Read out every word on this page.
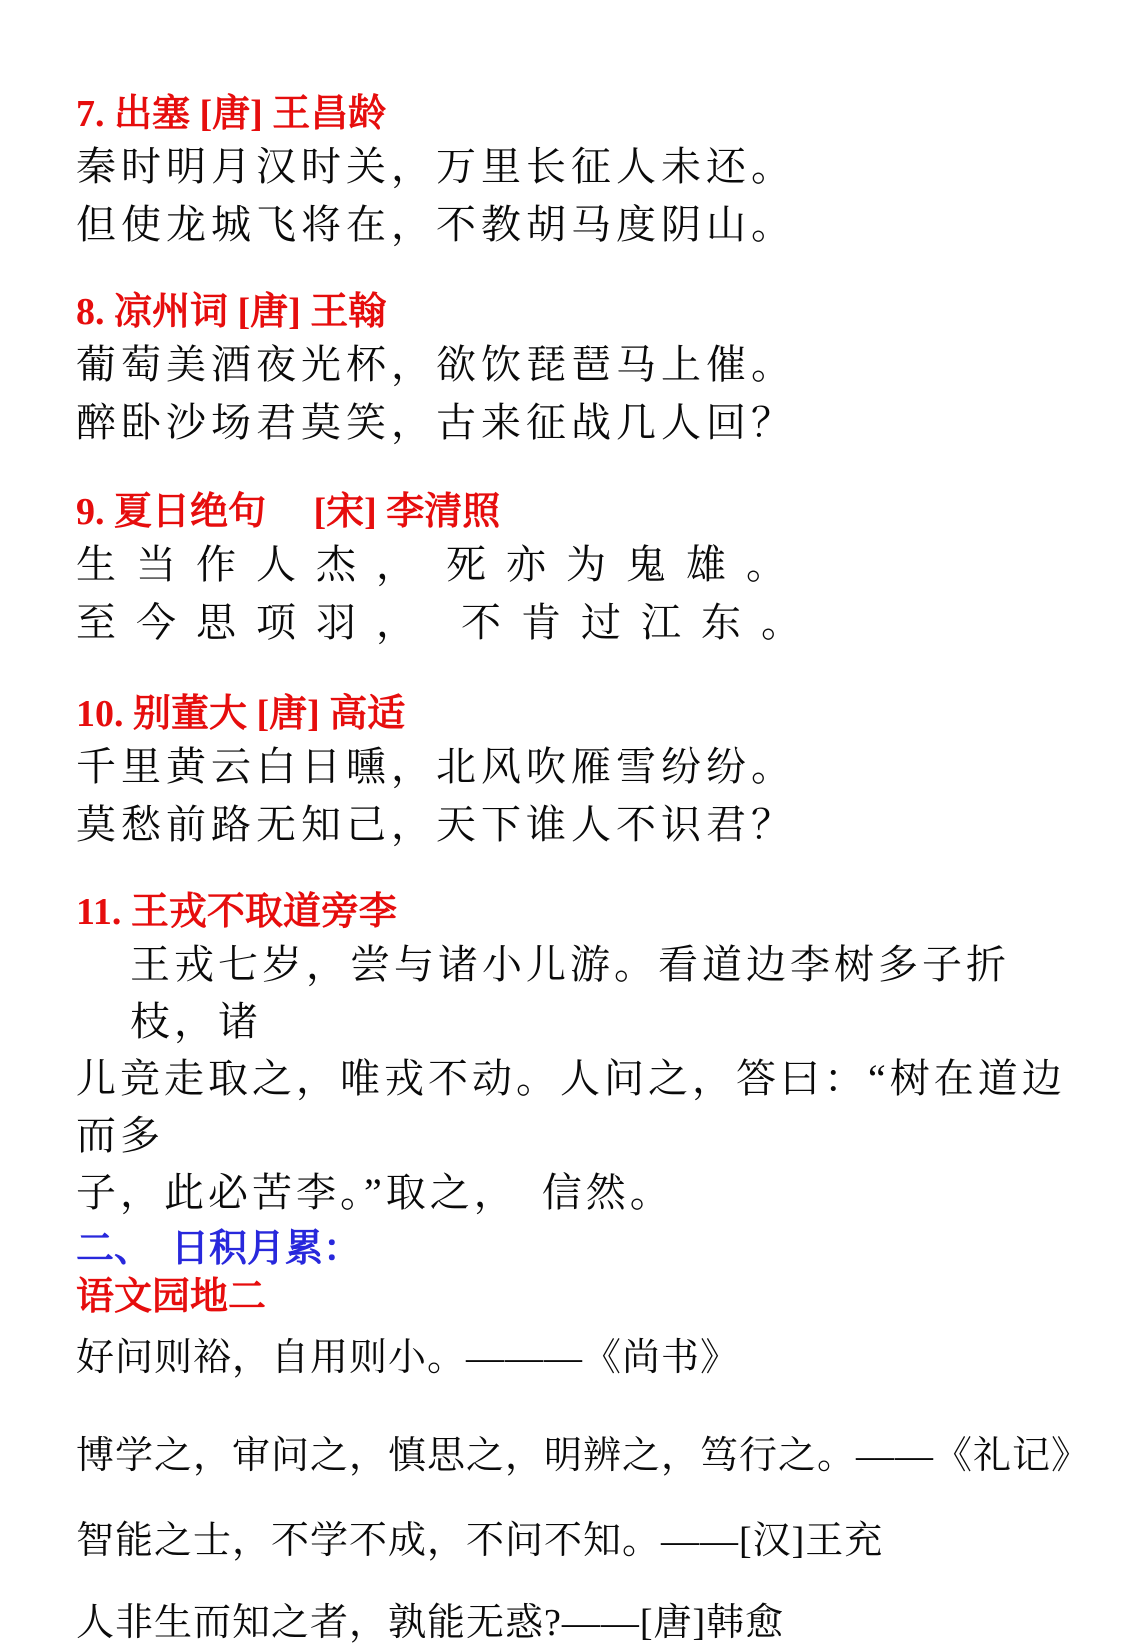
7. 出塞 [唐] 王昌龄
秦时明月汉时关，万里长征人未还。
但使龙城飞将在，不教胡马度阴山。
8. 凉州词 [唐] 王翰
葡萄美酒夜光杯，欲饮琵琶马上催。
醉卧沙场君莫笑，古来征战几人回？
9. 夏日绝句　 [宋] 李清照
生 当 作 人 杰 ，　死 亦 为 鬼 雄 。
至 今 思 项 羽 ，　 不 肯 过 江 东 。
10. 别董大 [唐] 高适
千里黄云白日曛，北风吹雁雪纷纷。
莫愁前路无知己，天下谁人不识君？
11. 王戎不取道旁李
王戎七岁，尝与诸小儿游。看道边李树多子折枝，诸
儿竞走取之，唯戎不动。人问之，答曰：“树在道边而多
子，此必苦李。”取之，　信然。
二、　日积月累：
语文园地二
好问则裕，自用则小。———《尚书》
博学之，审问之，慎思之，明辨之，笃行之。——《礼记》
智能之士，不学不成，不问不知。——[汉]王充
人非生而知之者，孰能无惑?——[唐]韩愈
